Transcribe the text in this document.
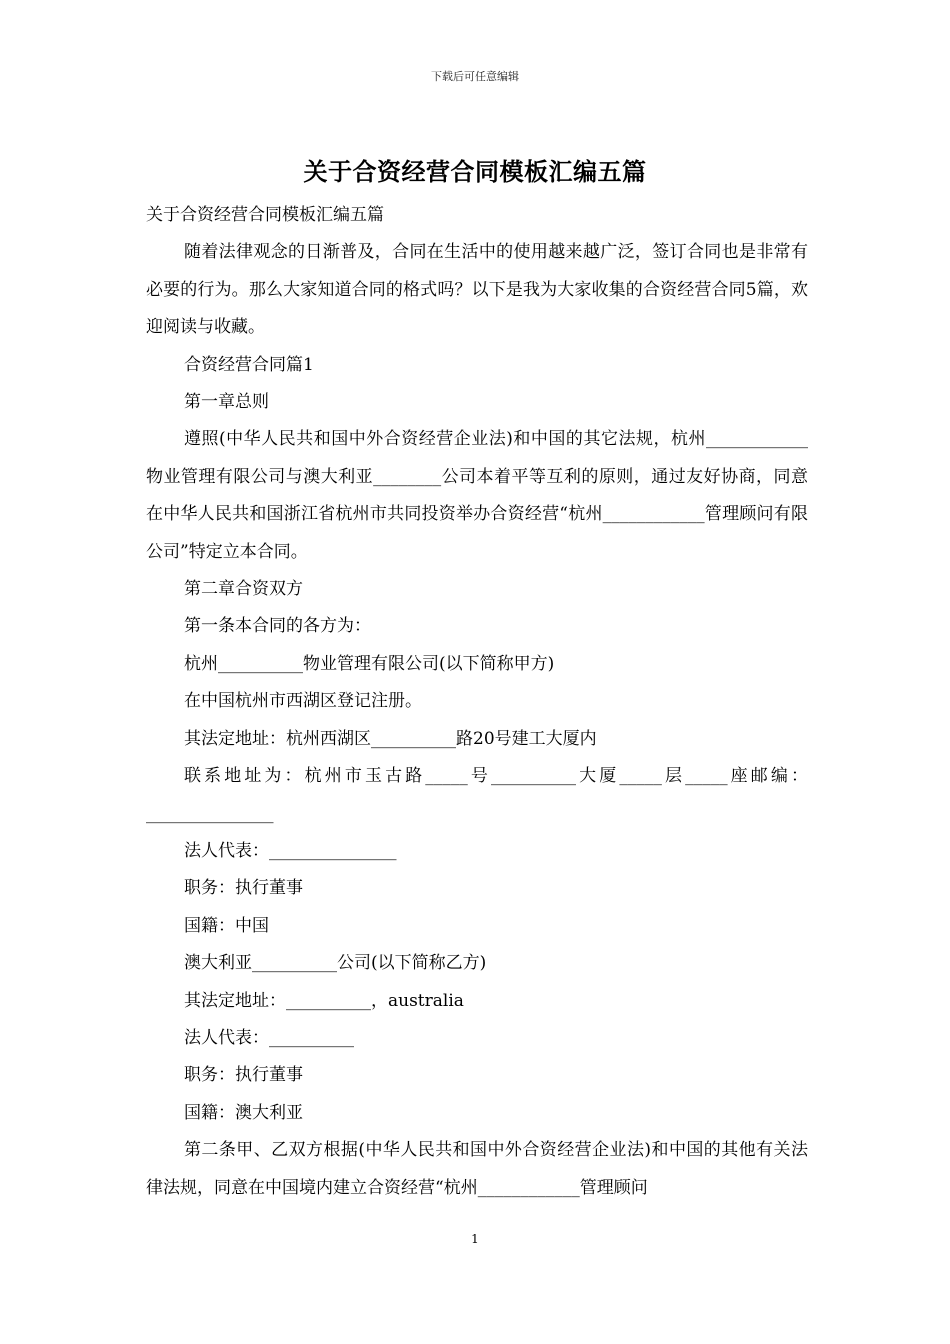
下载后可任意编辑
关于合资经营合同模板汇编五篇

关于合资经营合同模板汇编五篇

随着法律观念的日渐普及，合同在生活中的使用越来越广泛，签订合同也是非常有必要的行为。那么大家知道合同的格式吗？以下是我为大家收集的合资经营合同5篇，欢迎阅读与收藏。

合资经营合同篇1

第一章总则

遵照(中华人民共和国中外合资经营企业法)和中国的其它法规，杭州____________物业管理有限公司与澳大利亚________公司本着平等互利的原则，通过友好协商，同意在中华人民共和国浙江省杭州市共同投资举办合资经营“杭州____________管理顾问有限公司”特定立本合同。

第二章合资双方

第一条本合同的各方为：

杭州__________物业管理有限公司(以下简称甲方)

在中国杭州市西湖区登记注册。

其法定地址：杭州西湖区__________路20号建工大厦内

联系地址为：杭州市玉古路_____号__________大厦_____层_____座邮编：_______________

法人代表：_______________

职务：执行董事

国籍：中国

澳大利亚__________公司(以下简称乙方)

其法定地址：__________，australia

法人代表：__________

职务：执行董事

国籍：澳大利亚

第二条甲、乙双方根据(中华人民共和国中外合资经营企业法)和中国的其他有关法律法规，同意在中国境内建立合资经营“杭州____________管理顾问

1
